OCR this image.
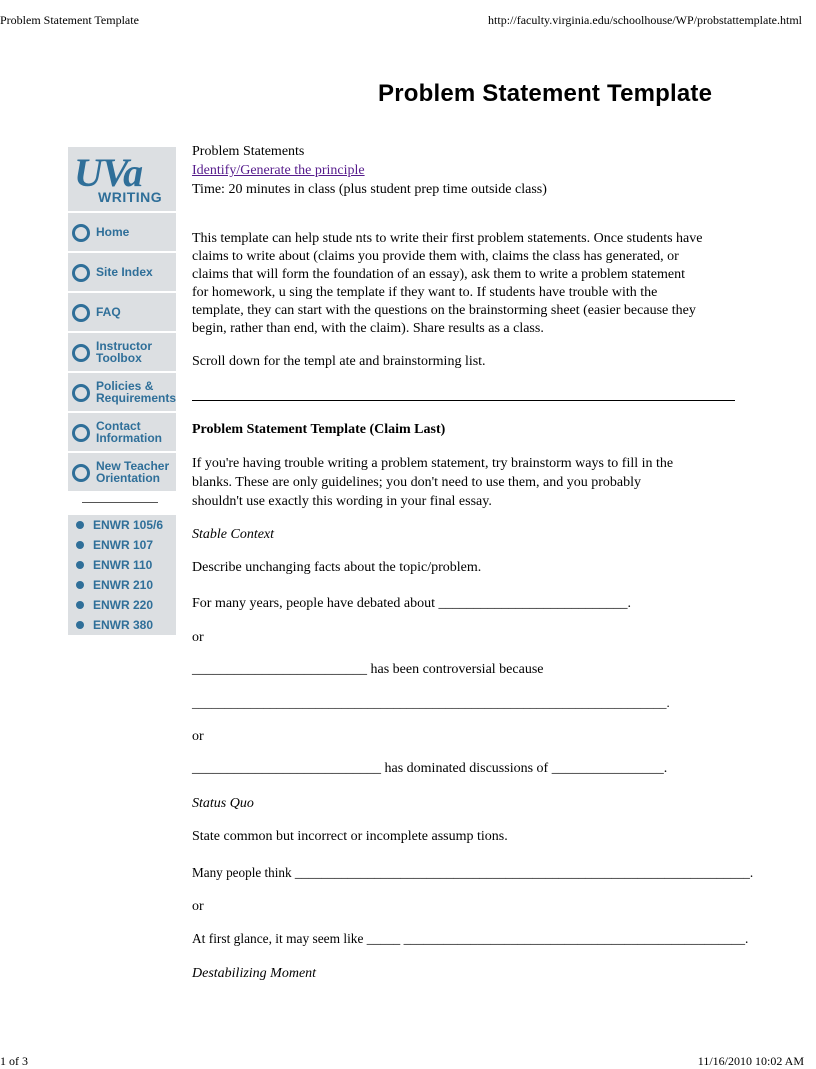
Problem Statement Template	http://faculty.virginia.edu/schoolhouse/WP/probstattemplate.html
Problem Statement Template
UVa
WRITING
Home
Site Index
FAQ
Instructor Toolbox
Policies & Requirements
Contact Information
New Teacher Orientation
ENWR 105/6
ENWR 107
ENWR 110
ENWR 210
ENWR 220
ENWR 380
Problem Statements
Identify/Generate the principle
Time: 20 minutes in class (plus student prep time outside class)
This template can help stude nts to write their first problem statements. Once students have
claims to write about (claims you provide them with, claims the class has generated, or
claims that will form the foundation of an essay), ask them to write a problem statement
for homework, u sing the template if they want to. If students have trouble with the
template, they can start with the questions on the brainstorming sheet (easier because they
begin, rather than end, with the claim). Share results as a class.
Scroll down for the templ ate and brainstorming list.
Problem Statement Template (Claim Last)
If you're having trouble writing a problem statement, try brainstorm ways to fill in the
blanks. These are only guidelines; you don't need to use them, and you probably
shouldn't use exactly this wording in your final essay.
Stable Context
Describe unchanging facts about the topic/problem.
For many years, people have debated about ___________________________.
or
_________________________ has been controversial because
_________________________________________________________________________.
or
___________________________ has dominated discussions of ________________.
Status Quo
State common but incorrect or incomplete assump tions.
Many people think _____________________________________________________________________.
or
At first glance, it may seem like _____ ___________________________________________________.
Destabilizing Moment
1 of 3	11/16/2010 10:02 AM
